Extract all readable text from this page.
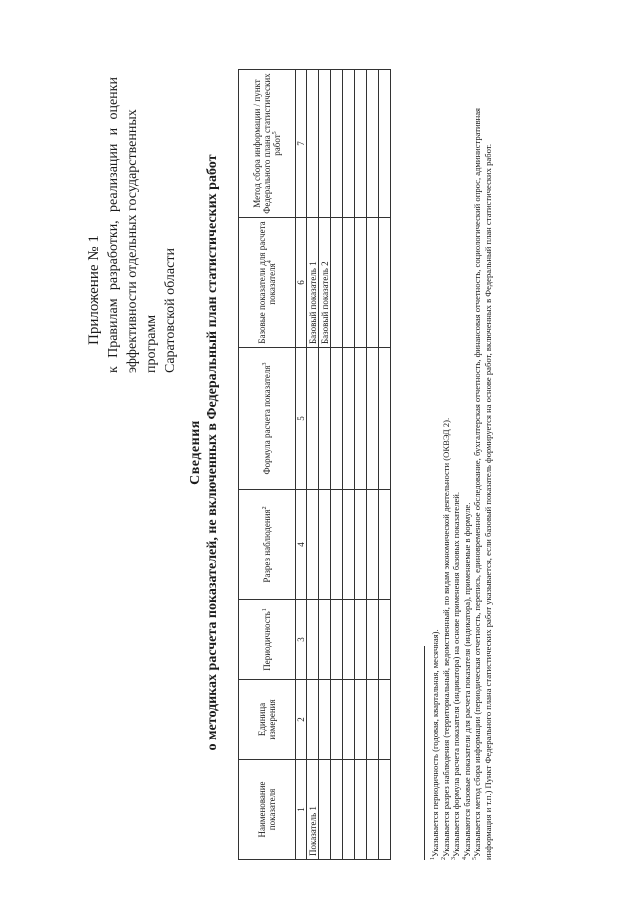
Приложение № 1
к
Правилам
разработки,
реализации
и
оценки
эффективности отдельных государственных программ Саратовской области
Сведения о методиках расчета показателей, не включенных в Федеральный план статистических работ
Наименование показателя	Единица измерения	Периодичность$^1$	Разрез наблюдения$^2$	Формула расчета показателя$^3$	Базовые показатели для расчета показателя$^4$	Метод сбора информации / пункт Федерального плана статистических работ$^5$
1	2	3	4	5	6	7
Показатель 1					Базовый показатель 1	
					Базовый показатель 2	

$^1$Указывается периодичность (годовая, квартальная, месячная).
$^2$Указывается разрез наблюдения (территориальный, ведомственный, по видам экономической деятельности (ОКВЭД 2).
$^3$Указывается формула расчета показателя (индикатора) на основе применения базовых показателей.
$^4$Указываются базовые показатели для расчета показателя (индикатора), применяемые в формуле.
$^5$Указывается метод сбора информации (периодическая отчетность, перепись, единовременное обследование, бухгалтерская отчетность, финансовая отчетность, социологический опрос, административная информация и т.п.) Пункт Федерального плана статистических работ указывается, если базовый показатель формируется на основе работ, включенных в Федеральный план статистических работ.
